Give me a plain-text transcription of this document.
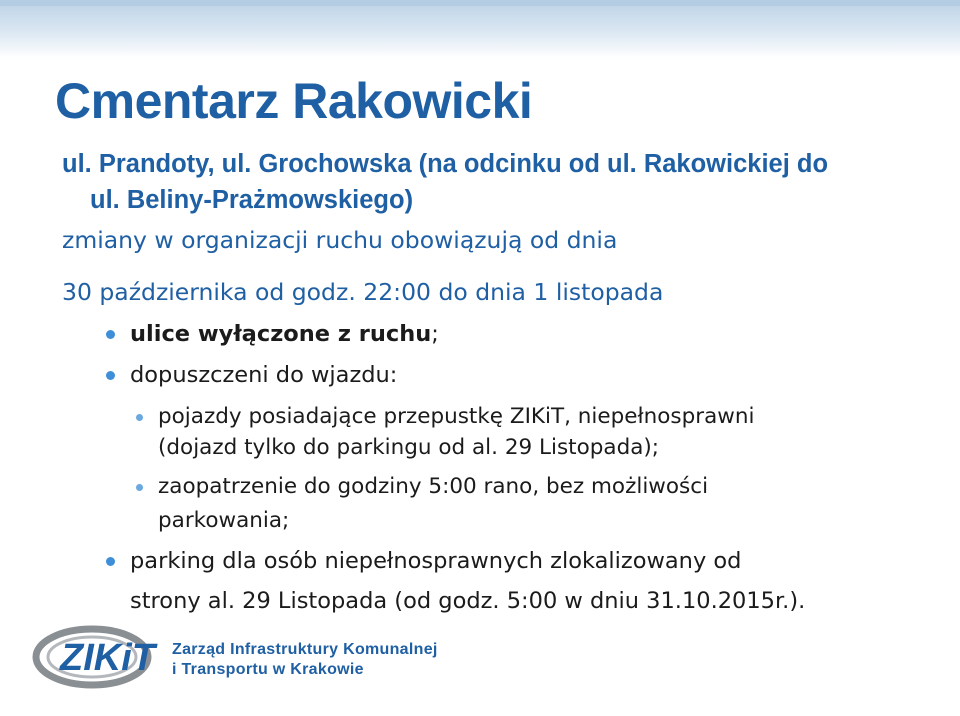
Cmentarz Rakowicki
ul. Prandoty, ul. Grochowska (na odcinku od ul. Rakowickiej do
ul. Beliny-Prażmowskiego)
zmiany w organizacji ruchu obowiązują od dnia
30 października od godz. 22:00 do dnia 1 listopada
ulice wyłączone z ruchu;
dopuszczeni do wjazdu:
pojazdy posiadające przepustkę ZIKiT, niepełnosprawni
(dojazd tylko do parkingu od al. 29 Listopada);
zaopatrzenie do godziny 5:00 rano, bez możliwości
parkowania;
parking dla osób niepełnosprawnych zlokalizowany od
strony al. 29 Listopada (od godz. 5:00 w dniu 31.10.2015r.).
ZIKiT Zarząd Infrastruktury Komunalnej
i Transportu w Krakowie
